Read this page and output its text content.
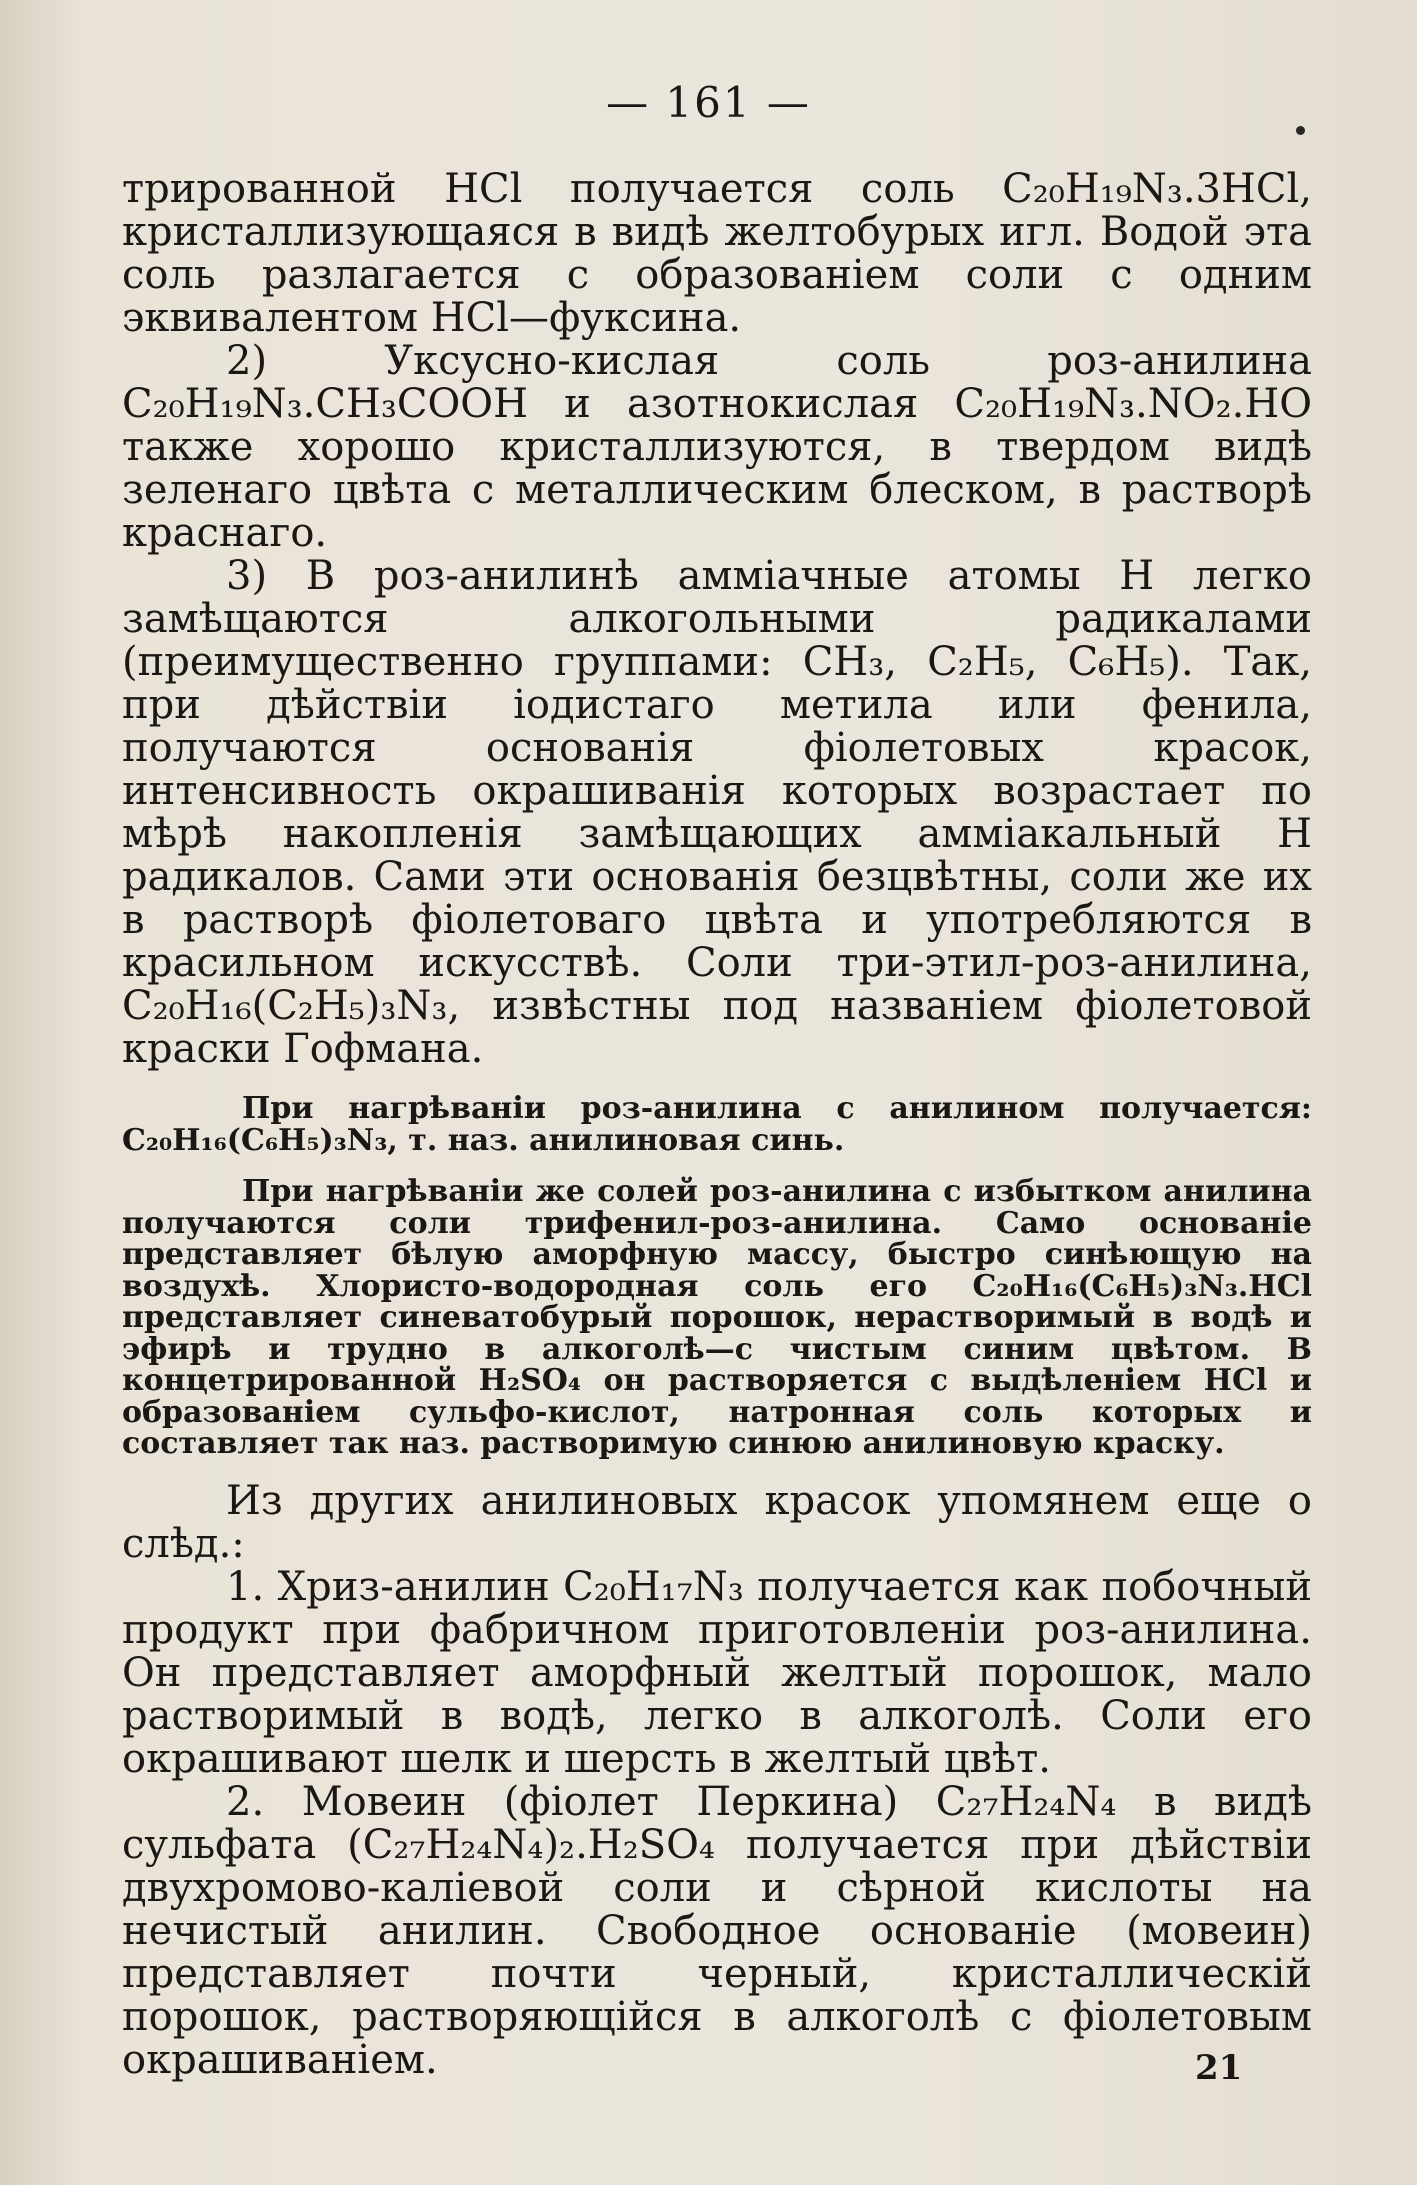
— 161 —

трированной HCl получается соль C₂₀H₁₉N₃.3HCl, кристаллизующаяся в видѣ желтобурых игл. Водой эта соль разлагается с образованіем соли с одним эквивалентом HCl—фуксина.

2) Уксусно-кислая соль роз-анилина C₂₀H₁₉N₃.CH₃COOH и азотнокислая C₂₀H₁₉N₃.NO₂.HO также хорошо кристаллизуются, в твердом видѣ зеленаго цвѣта с металлическим блеском, в растворѣ краснаго.

3) В роз-анилинѣ аммiачные атомы H легко замѣщаются алкогольными радикалами (преимущественно группами: CH₃, C₂H₅, C₆H₅). Так, при дѣйствiи iодистаго метила или фенила, получаются основанiя фiолетовых красок, интенсивность окрашиванiя которых возрастает по мѣрѣ накопленiя замѣщающих аммiакальный H радикалов. Сами эти основанiя безцвѣтны, соли же их в растворѣ фiолетоваго цвѣта и употребляются в красильном искусствѣ. Соли три-этил-роз-анилина, C₂₀H₁₆(C₂H₅)₃N₃, извѣстны под названiем фiолетовой краски Гофмана.

При нагрѣванiи роз-анилина с анилином получается: C₂₀H₁₆(C₆H₅)₃N₃, т. наз. анилиновая синь.

При нагрѣванiи же солей роз-анилина с избытком анилина получаются соли трифенил-роз-анилина. Само основанiе представляет бѣлую аморфную массу, быстро синѣющую на воздухѣ. Хлористо-водородная соль его C₂₀H₁₆(C₆H₅)₃N₃.HCl представляет синеватобурый порошок, нерастворимый в водѣ и эфирѣ и трудно в алкоголѣ—с чистым синим цвѣтом. В концетрированной H₂SO₄ он растворяется с выдѣленiем HCl и образованiем сульфо-кислот, натронная соль которых и составляет так наз. растворимую синюю анилиновую краску.

Из других анилиновых красок упомянем еще о слѣд.:

1. Хриз-анилин C₂₀H₁₇N₃ получается как побочный продукт при фабричном приготовленiи роз-анилина. Он представляет аморфный желтый порошок, мало растворимый в водѣ, легко в алкоголѣ. Соли его окрашивают шелк и шерсть в желтый цвѣт.

2. Мовеин (фiолет Перкина) C₂₇H₂₄N₄ в видѣ сульфата (C₂₇H₂₄N₄)₂.H₂SO₄ получается при дѣйствiи двухромово-калiевой соли и сѣрной кислоты на нечистый анилин. Свободное основанiе (мовеин) представляет почти черный, кристаллическiй порошок, растворяющiйся в алкоголѣ с фiолетовым окрашиванiем.	21
